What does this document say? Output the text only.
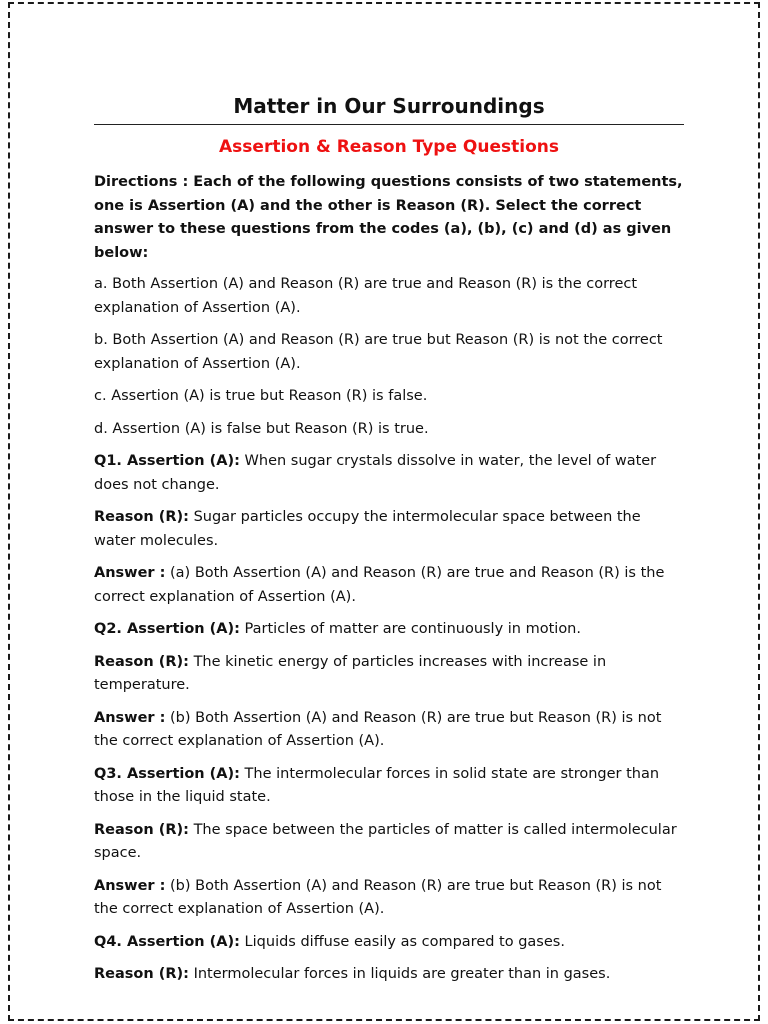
Matter in Our Surroundings
Assertion & Reason Type Questions

Directions : Each of the following questions consists of two statements, one is Assertion (A) and the other is Reason (R). Select the correct answer to these questions from the codes (a), (b), (c) and (d) as given below:

a. Both Assertion (A) and Reason (R) are true and Reason (R) is the correct explanation of Assertion (A).

b. Both Assertion (A) and Reason (R) are true but Reason (R) is not the correct explanation of Assertion (A).

c. Assertion (A) is true but Reason (R) is false.

d. Assertion (A) is false but Reason (R) is true.

Q1. Assertion (A): When sugar crystals dissolve in water, the level of water does not change.

Reason (R): Sugar particles occupy the intermolecular space between the water molecules.

Answer : (a) Both Assertion (A) and Reason (R) are true and Reason (R) is the correct explanation of Assertion (A).

Q2. Assertion (A): Particles of matter are continuously in motion.

Reason (R): The kinetic energy of particles increases with increase in temperature.

Answer : (b) Both Assertion (A) and Reason (R) are true but Reason (R) is not the correct explanation of Assertion (A).

Q3. Assertion (A): The intermolecular forces in solid state are stronger than those in the liquid state.

Reason (R): The space between the particles of matter is called intermolecular space.

Answer : (b) Both Assertion (A) and Reason (R) are true but Reason (R) is not the correct explanation of Assertion (A).

Q4. Assertion (A): Liquids diffuse easily as compared to gases.

Reason (R): Intermolecular forces in liquids are greater than in gases.
